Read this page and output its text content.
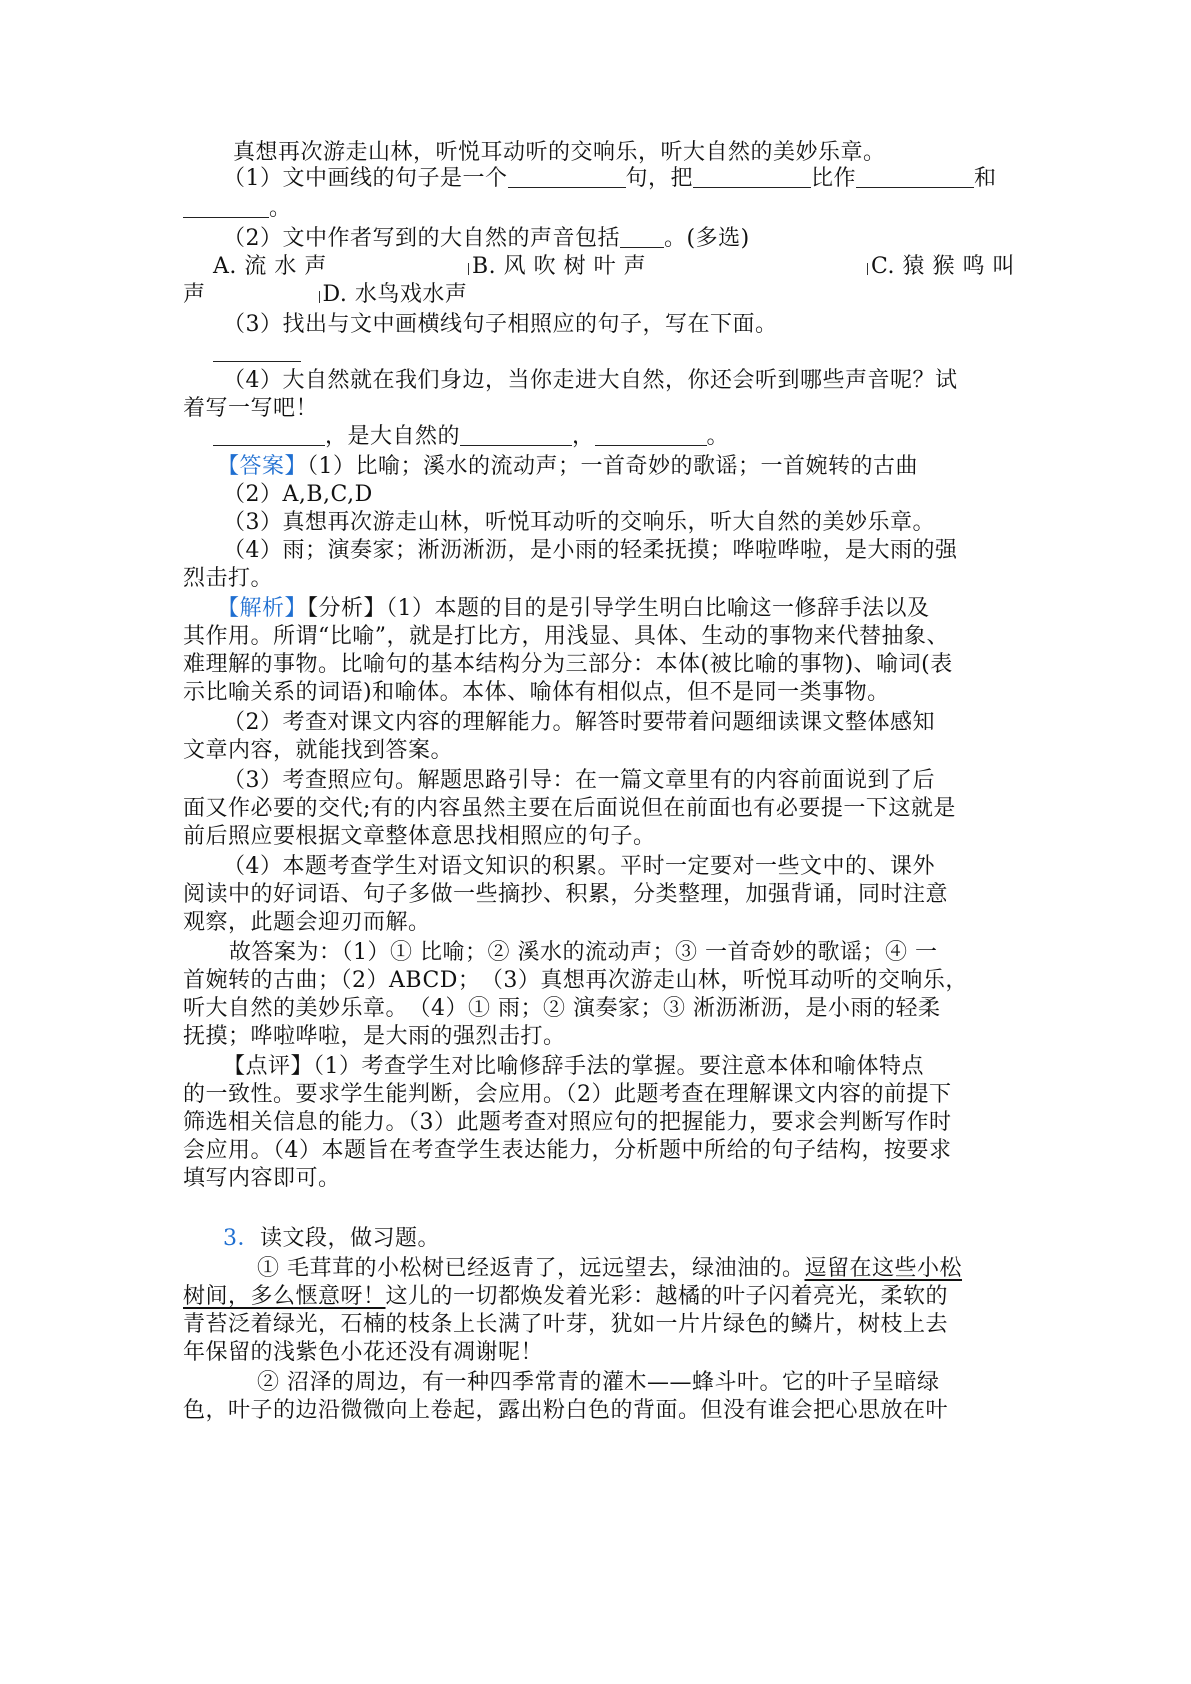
真想再次游走山林，听悦耳动听的交响乐，听大自然的美妙乐章。
（1）文中画线的句子是一个	句，把	比作	和
。
（2）文中作者写到的大自然的声音包括 。(多选)
A. 流 水 声	B. 风 吹 树 叶 声	C. 猿 猴 鸣 叫
声	D. 水鸟戏水声
（3）找出与文中画横线句子相照应的句子，写在下面。
（4）大自然就在我们身边，当你走进大自然，你还会听到哪些声音呢？试
着写一写吧！
，是大自然的	，	。
【答案】（1）比喻；溪水的流动声；一首奇妙的歌谣；一首婉转的古曲
（2）A,B,C,D
（3）真想再次游走山林，听悦耳动听的交响乐，听大自然的美妙乐章。
（4）雨；演奏家；淅沥淅沥，是小雨的轻柔抚摸；哗啦哗啦，是大雨的强
烈击打。
【解析】【分析】（1）本题的目的是引导学生明白比喻这一修辞手法以及
其作用。所谓“比喻”，就是打比方，用浅显、具体、生动的事物来代替抽象、
难理解的事物。比喻句的基本结构分为三部分：本体(被比喻的事物)、喻词(表
示比喻关系的词语)和喻体。本体、喻体有相似点，但不是同一类事物。
（2）考查对课文内容的理解能力。解答时要带着问题细读课文整体感知
文章内容，就能找到答案。
（3）考查照应句。解题思路引导：在一篇文章里有的内容前面说到了后
面又作必要的交代;有的内容虽然主要在后面说但在前面也有必要提一下这就是
前后照应要根据文章整体意思找相照应的句子。
（4）本题考查学生对语文知识的积累。平时一定要对一些文中的、课外
阅读中的好词语、句子多做一些摘抄、积累，分类整理，加强背诵，同时注意
观察，此题会迎刃而解。
故答案为：（1）① 比喻；② 溪水的流动声；③ 一首奇妙的歌谣；④ 一
首婉转的古曲；（2）ABCD；　（3）真想再次游走山林，听悦耳动听的交响乐，
听大自然的美妙乐章。　（4）① 雨；② 演奏家；③ 淅沥淅沥，是小雨的轻柔
抚摸；哗啦哗啦，是大雨的强烈击打。
【点评】（1）考查学生对比喻修辞手法的掌握。要注意本体和喻体特点
的一致性。要求学生能判断，会应用。（2）此题考查在理解课文内容的前提下
筛选相关信息的能力。（3）此题考查对照应句的把握能力，要求会判断写作时
会应用。（4）本题旨在考查学生表达能力，分析题中所给的句子结构，按要求
填写内容即可。
3．读文段，做习题。
① 毛茸茸的小松树已经返青了，远远望去，绿油油的。逗留在这些小松
树间，多么惬意呀！这儿的一切都焕发着光彩：越橘的叶子闪着亮光，柔软的
青苔泛着绿光，石楠的枝条上长满了叶芽，犹如一片片绿色的鳞片，树枝上去
年保留的浅紫色小花还没有凋谢呢！
② 沼泽的周边，有一种四季常青的灌木——蜂斗叶。它的叶子呈暗绿
色，叶子的边沿微微向上卷起，露出粉白色的背面。但没有谁会把心思放在叶
